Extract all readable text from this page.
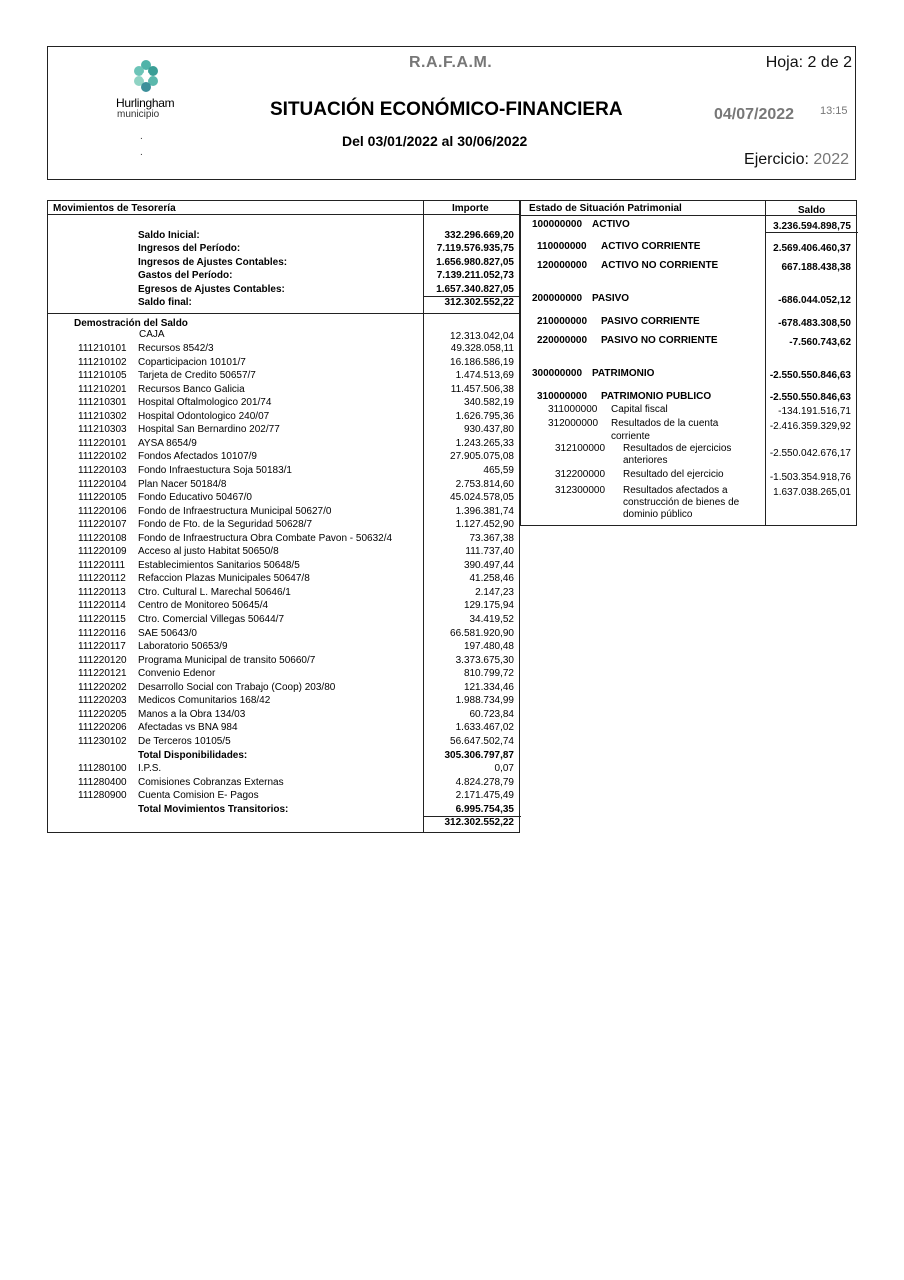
Hurlingham
municipio
.
.
R.A.F.A.M.	Hoja: 2 de 2
SITUACIÓN ECONÓMICO-FINANCIERA	04/07/2022 13:15
Del 03/01/2022 al 30/06/2022
Ejercicio: 2022
Movimientos de Tesorería	Importe
Saldo Inicial:	332.296.669,20
Ingresos del Período:	7.119.576.935,75
Ingresos de Ajustes Contables:	1.656.980.827,05
Gastos del Período:	7.139.211.052,73
Egresos de Ajustes Contables:	1.657.340.827,05
Saldo final:	312.302.552,22
Demostración del Saldo
CAJA	12.313.042,04
111210101 Recursos 8542/3	49.328.058,11
111210102 Coparticipacion 10101/7	16.186.586,19
111210105 Tarjeta de Credito 50657/7	1.474.513,69
111210201 Recursos Banco Galicia	11.457.506,38
111210301 Hospital Oftalmologico 201/74	340.582,19
111210302 Hospital Odontologico 240/07	1.626.795,36
111210303 Hospital San Bernardino 202/77	930.437,80
111220101 AYSA 8654/9	1.243.265,33
111220102 Fondos Afectados 10107/9	27.905.075,08
111220103 Fondo Infraestuctura Soja 50183/1	465,59
111220104 Plan Nacer 50184/8	2.753.814,60
111220105 Fondo Educativo 50467/0	45.024.578,05
111220106 Fondo de Infraestructura Municipal 50627/0	1.396.381,74
111220107 Fondo de Fto. de la Seguridad 50628/7	1.127.452,90
111220108 Fondo de Infraestructura Obra Combate Pavon - 50632/4	73.367,38
111220109 Acceso al justo Habitat 50650/8	111.737,40
111220111 Establecimientos Sanitarios 50648/5	390.497,44
111220112 Refaccion Plazas Municipales 50647/8	41.258,46
111220113 Ctro. Cultural L. Marechal 50646/1	2.147,23
111220114 Centro de Monitoreo 50645/4	129.175,94
111220115 Ctro. Comercial Villegas 50644/7	34.419,52
111220116 SAE 50643/0	66.581.920,90
111220117 Laboratorio 50653/9	197.480,48
111220120 Programa Municipal de transito 50660/7	3.373.675,30
111220121 Convenio Edenor	810.799,72
111220202 Desarrollo Social con Trabajo (Coop) 203/80	121.334,46
111220203 Medicos Comunitarios 168/42	1.988.734,99
111220205 Manos a la Obra 134/03	60.723,84
111220206 Afectadas vs BNA 984	1.633.467,02
111230102 De Terceros 10105/5	56.647.502,74
Total Disponibilidades:	305.306.797,87
111280100 I.P.S.	0,07
111280400 Comisiones Cobranzas Externas	4.824.278,79
111280900 Cuenta Comision E- Pagos	2.171.475,49
Total Movimientos Transitorios:	6.995.754,35
312.302.552,22
Estado de Situación Patrimonial	Saldo
100000000 ACTIVO	3.236.594.898,75
110000000 ACTIVO CORRIENTE	2.569.406.460,37
120000000 ACTIVO NO CORRIENTE	667.188.438,38
200000000 PASIVO	-686.044.052,12
210000000 PASIVO CORRIENTE	-678.483.308,50
220000000 PASIVO NO CORRIENTE	-7.560.743,62
300000000 PATRIMONIO	-2.550.550.846,63
310000000 PATRIMONIO PUBLICO	-2.550.550.846,63
311000000 Capital fiscal	-134.191.516,71
312000000 Resultados de la cuenta
corriente
-2.416.359.329,92
312100000 Resultados de ejercicios
anteriores
-2.550.042.676,17
312200000 Resultado del ejercicio	-1.503.354.918,76
312300000 Resultados afectados a
construcción de bienes de
dominio público
1.637.038.265,01
